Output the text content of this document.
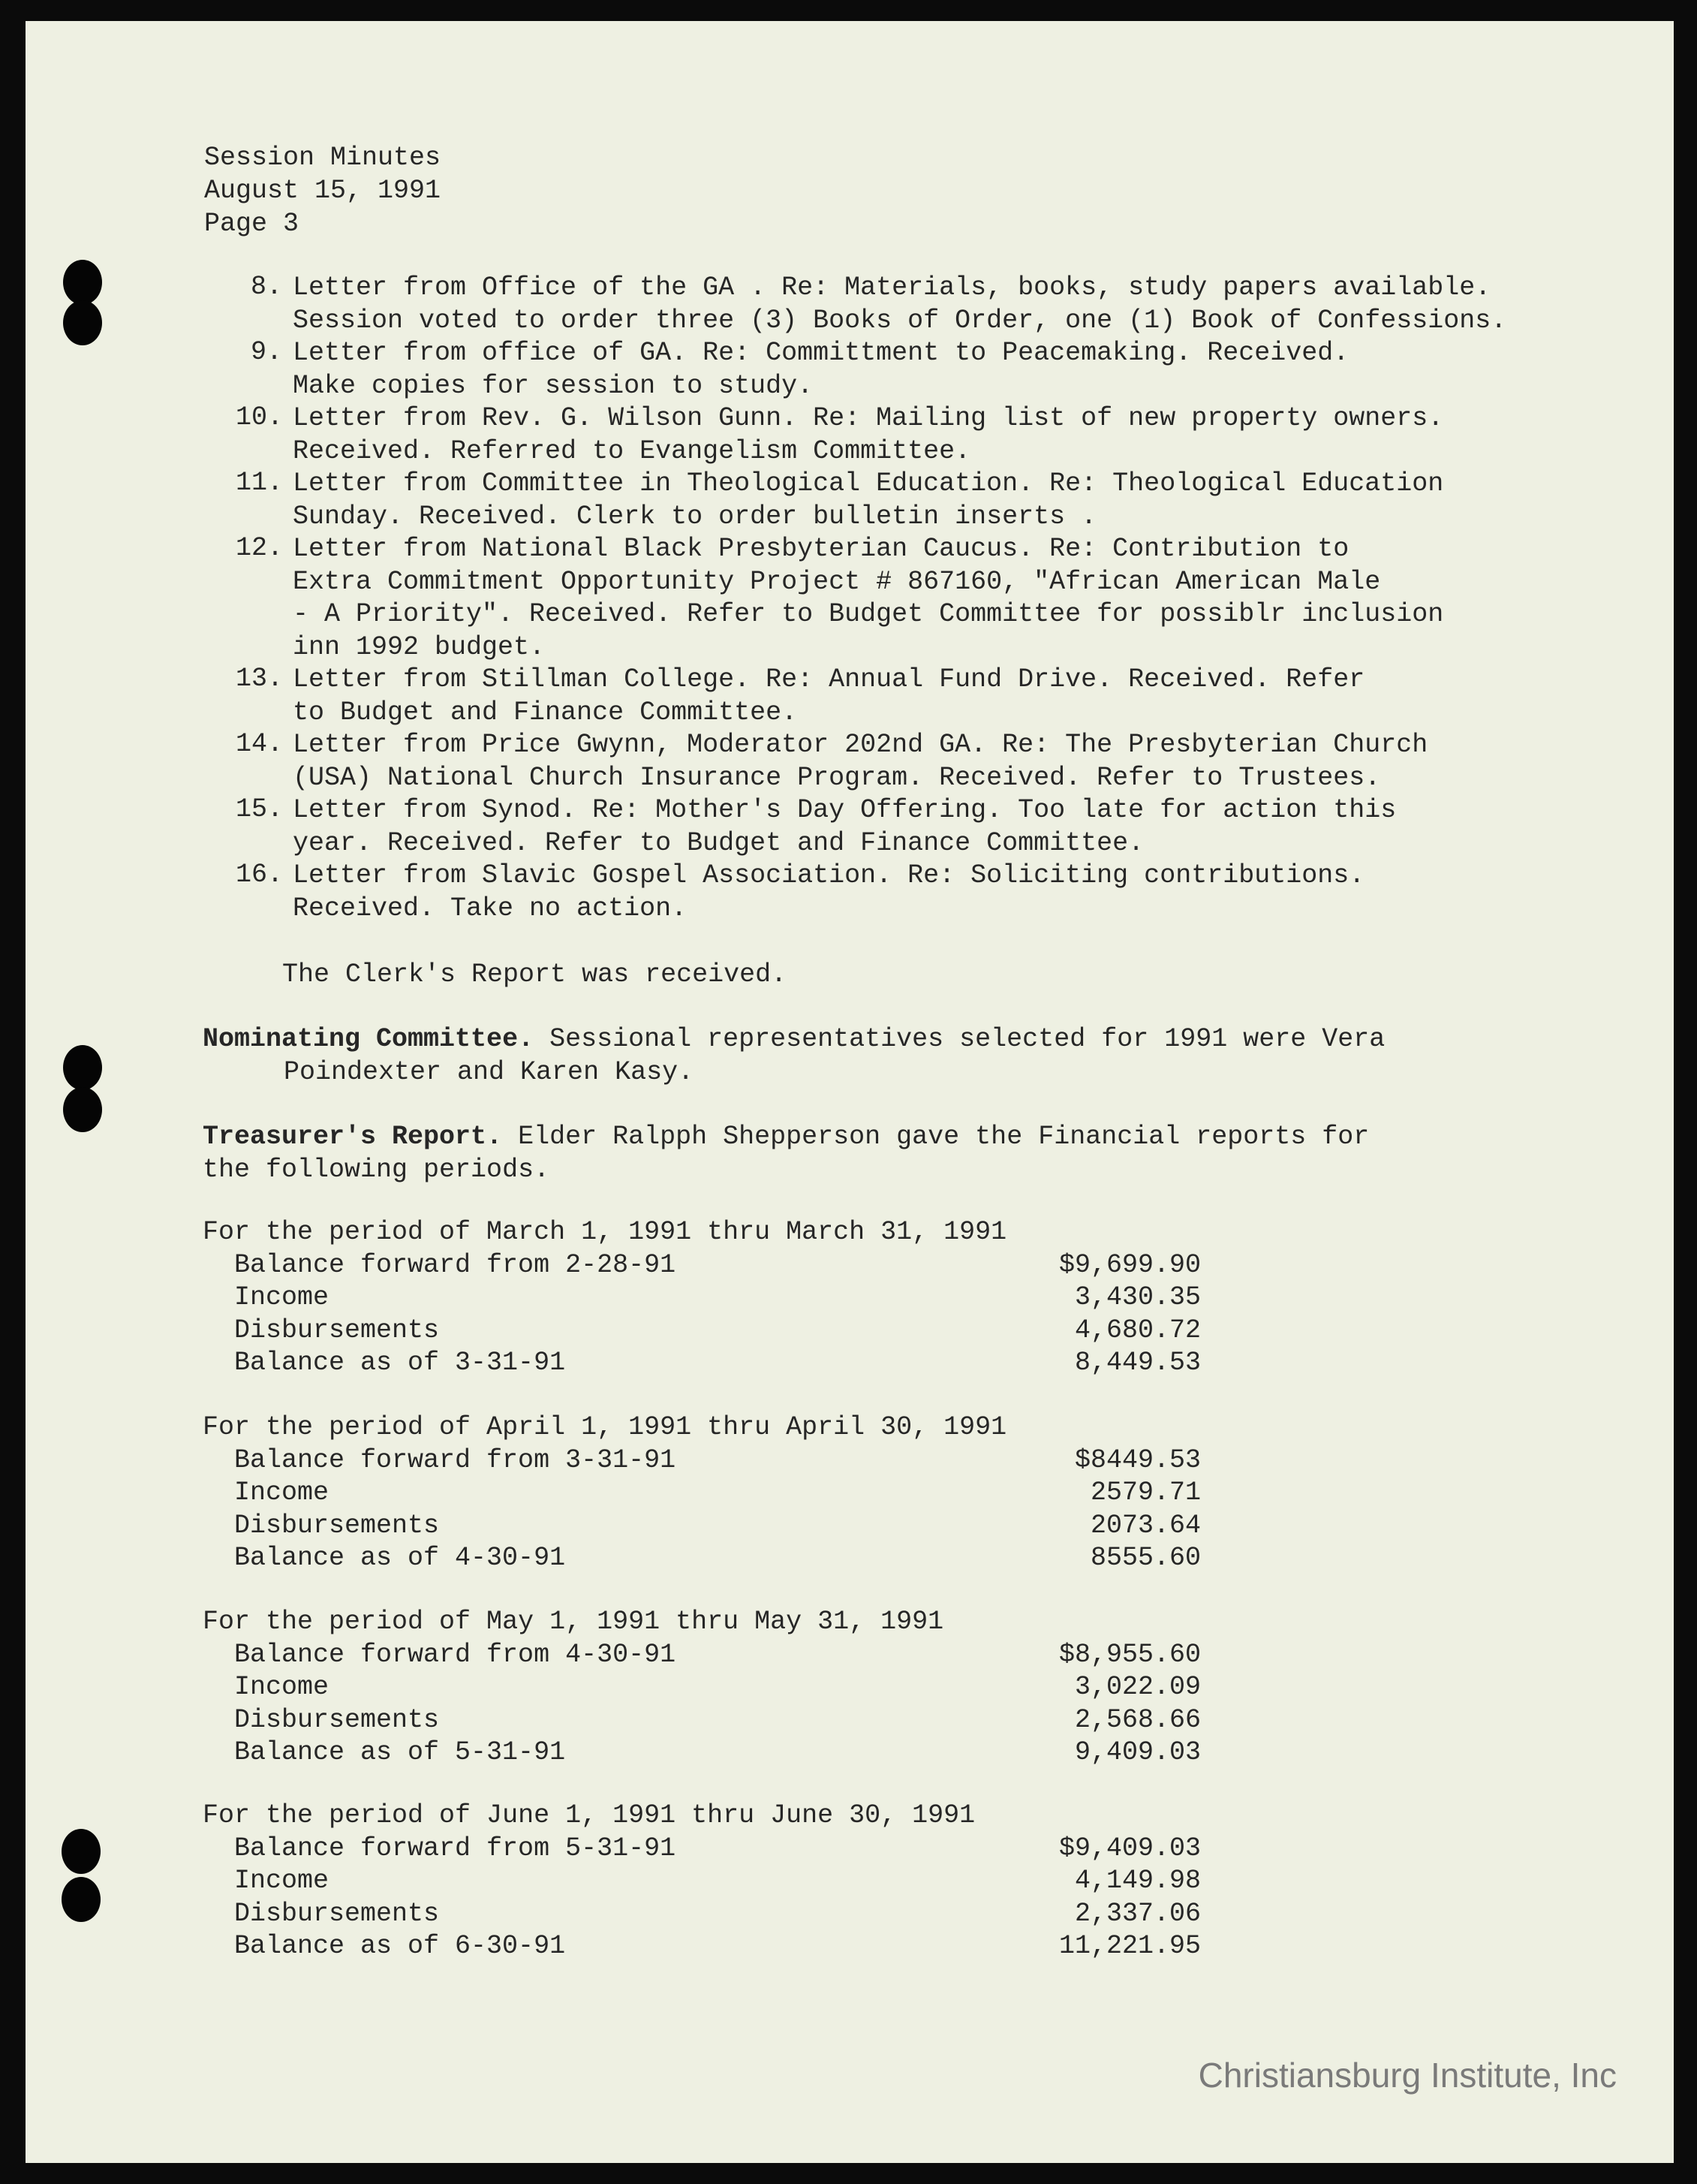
Session Minutes
August 15, 1991
Page 3
8. Letter from Office of the GA . Re: Materials, books, study papers available.
Session voted to order three (3) Books of Order, one (1) Book of Confessions.
9. Letter from office of GA. Re: Committment to Peacemaking. Received.
Make copies for session to study.
10. Letter from Rev. G. Wilson Gunn. Re: Mailing list of new property owners.
Received. Referred to Evangelism Committee.
11. Letter from Committee in Theological Education. Re: Theological Education
Sunday. Received. Clerk to order bulletin inserts .
12. Letter from National Black Presbyterian Caucus. Re: Contribution to
Extra Commitment Opportunity Project # 867160, "African American Male
- A Priority". Received. Refer to Budget Committee for possiblr inclusion
inn 1992 budget.
13. Letter from Stillman College. Re: Annual Fund Drive. Received. Refer
to Budget and Finance Committee.
14. Letter from Price Gwynn, Moderator 202nd GA. Re: The Presbyterian Church
(USA) National Church Insurance Program. Received. Refer to Trustees.
15. Letter from Synod. Re: Mother's Day Offering. Too late for action this
year. Received. Refer to Budget and Finance Committee.
16. Letter from Slavic Gospel Association. Re: Soliciting contributions.
Received. Take no action.
The Clerk's Report was received.
Nominating Committee. Sessional representatives selected for 1991 were Vera
Poindexter and Karen Kasy.
Treasurer's Report. Elder Ralpph Shepperson gave the Financial reports for
the following periods.
For the period of March 1, 1991 thru March 31, 1991
Balance forward from 2-28-91	$9,699.90
Income	3,430.35
Disbursements	4,680.72
Balance as of 3-31-91	8,449.53
For the period of April 1, 1991 thru April 30, 1991
Balance forward from 3-31-91	$8449.53
Income	2579.71
Disbursements	2073.64
Balance as of 4-30-91	8555.60
For the period of May 1, 1991 thru May 31, 1991
Balance forward from 4-30-91	$8,955.60
Income	3,022.09
Disbursements	2,568.66
Balance as of 5-31-91	9,409.03
For the period of June 1, 1991 thru June 30, 1991
Balance forward from 5-31-91	$9,409.03
Income	4,149.98
Disbursements	2,337.06
Balance as of 6-30-91	11,221.95
Christiansburg Institute, Inc
